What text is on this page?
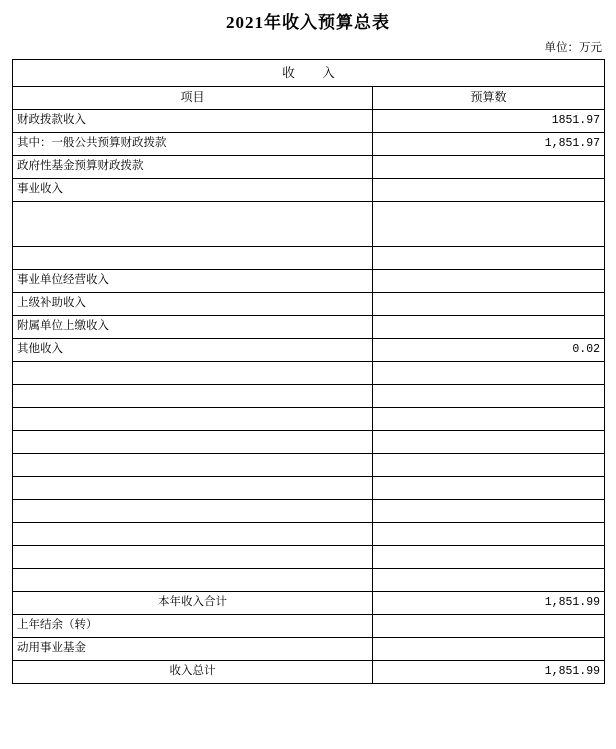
2021年收入预算总表
单位：万元
收 入	
项目	预算数
财政拨款收入	1851.97
其中：一般公共预算财政拨款	1,851.97
政府性基金预算财政拨款	
事业收入	

事业单位经营收入	
上级补助收入	
附属单位上缴收入	
其他收入	0.02

本年收入合计	1,851.99
上年结余（转）	
动用事业基金	
收入总计	1,851.99
